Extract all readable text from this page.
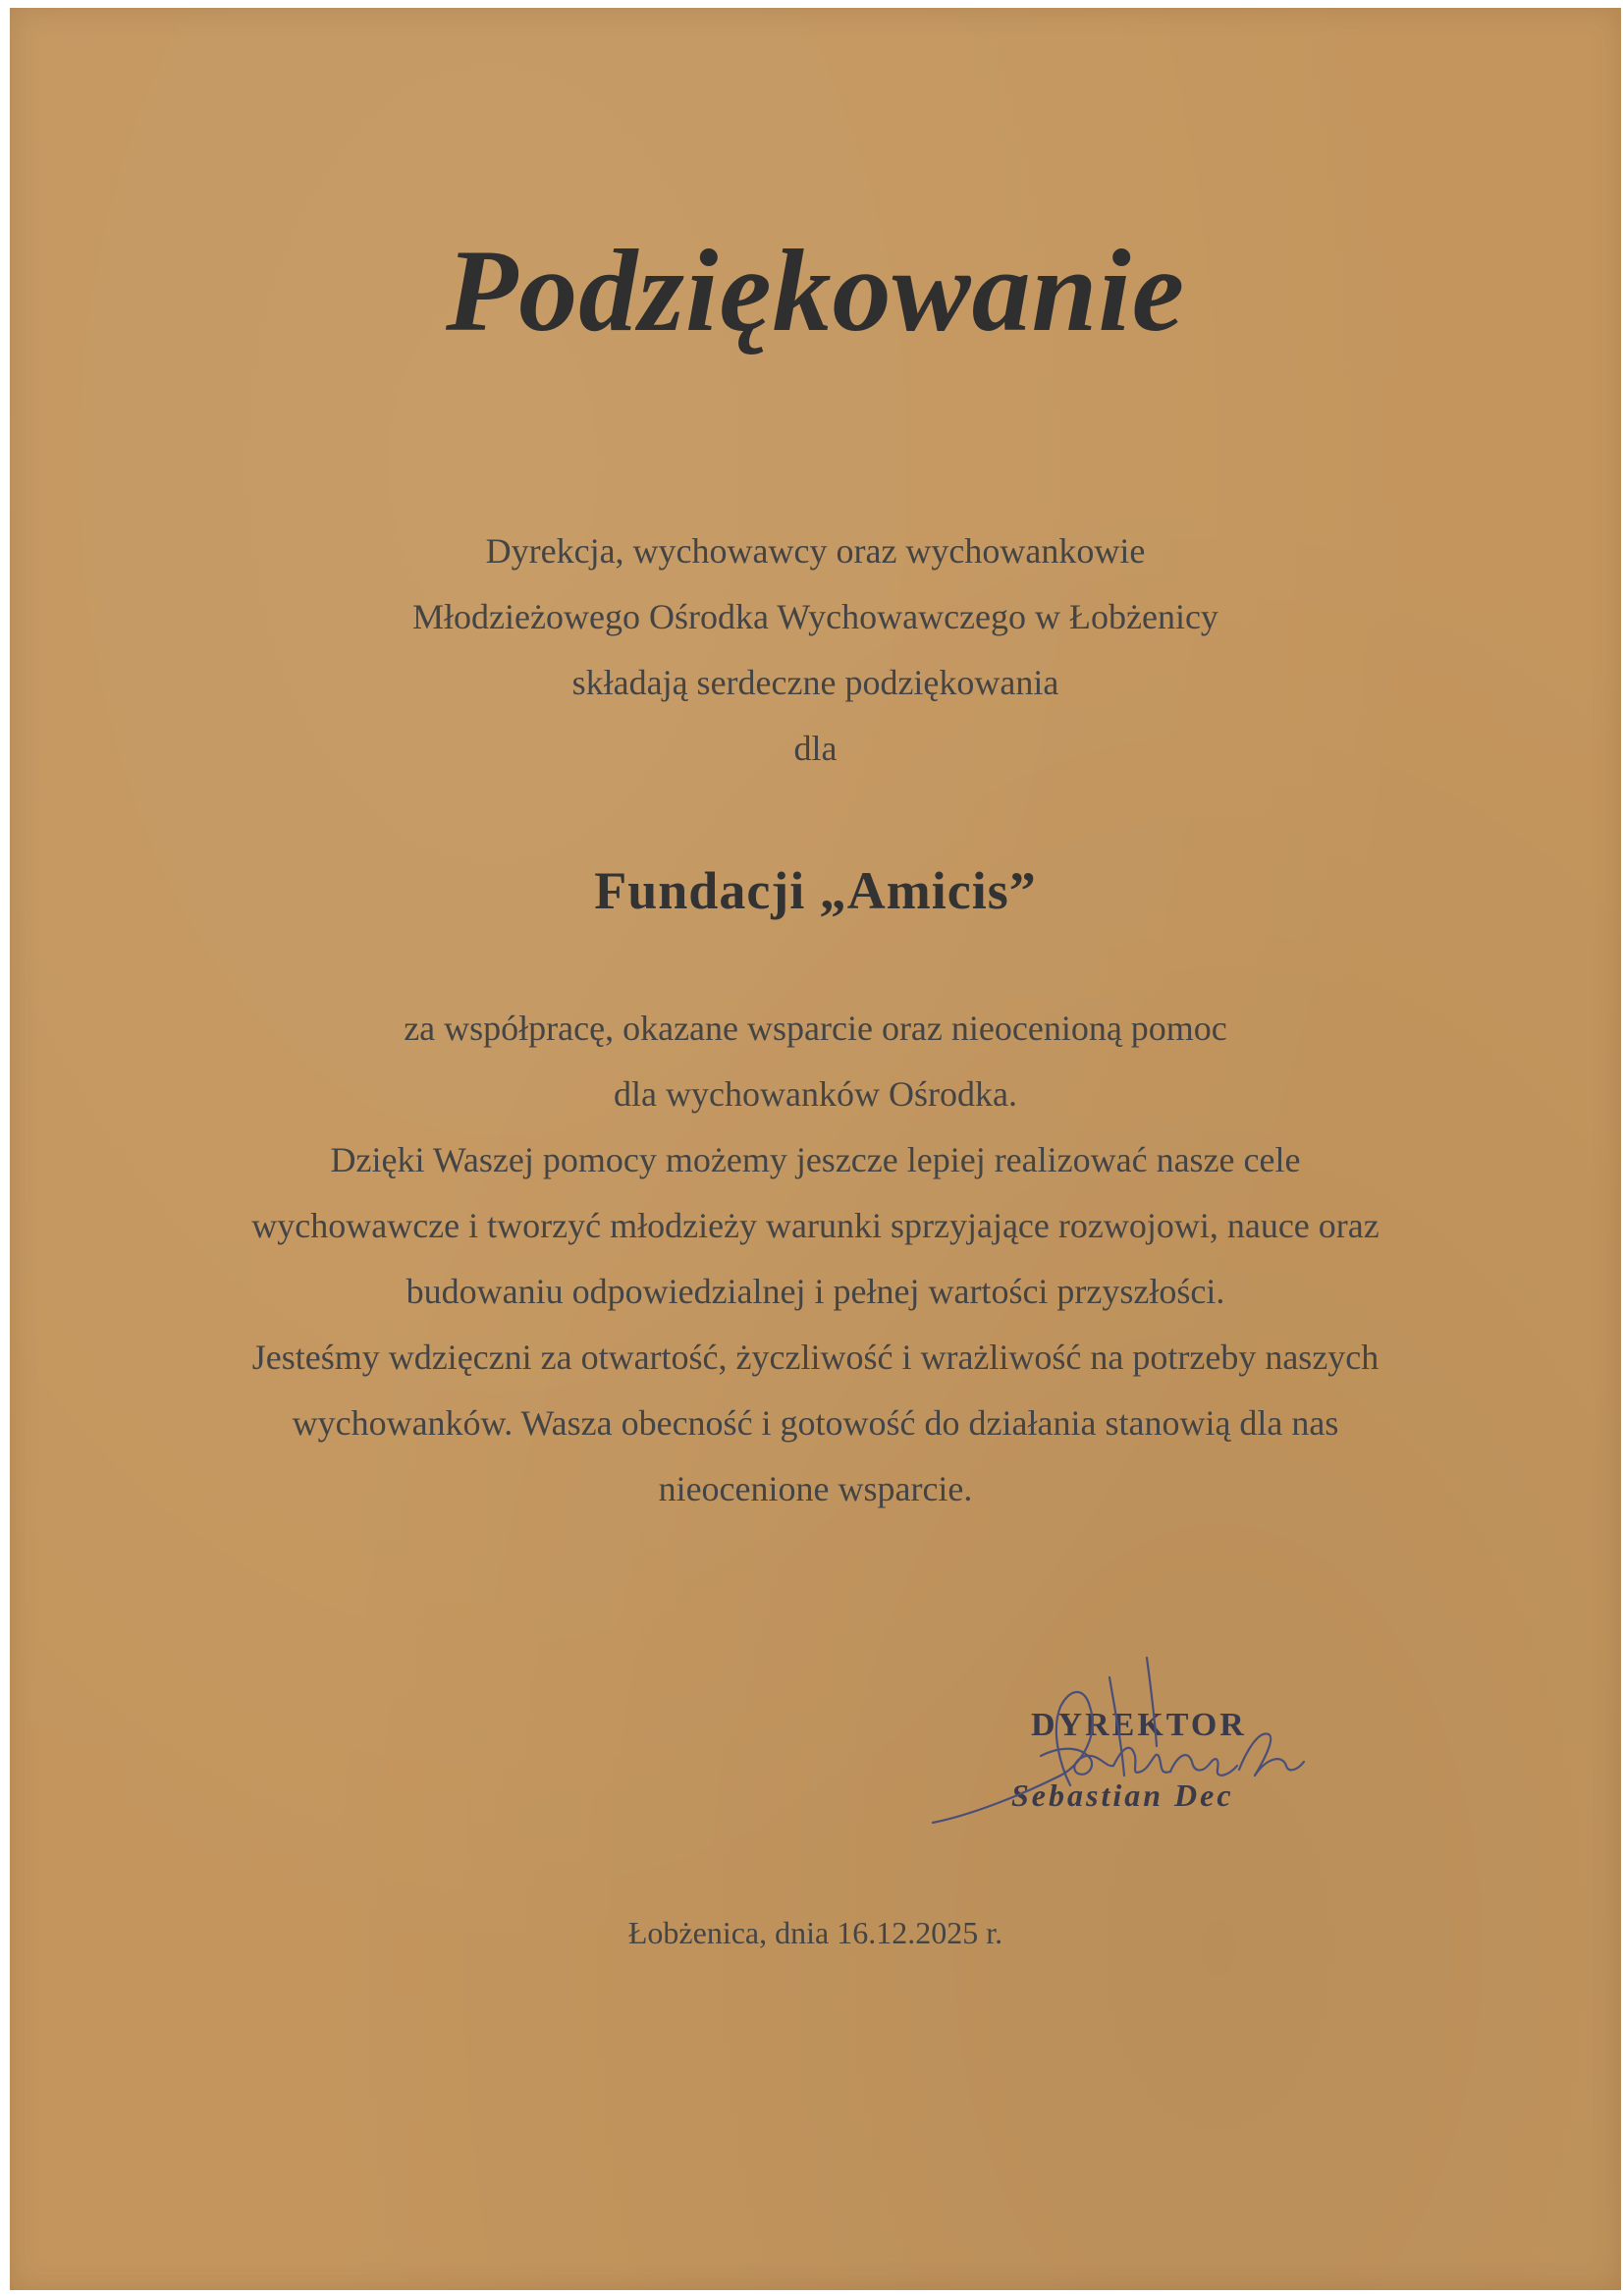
Podziękowanie
Dyrekcja, wychowawcy oraz wychowankowie
Młodzieżowego Ośrodka Wychowawczego w Łobżenicy
składają serdeczne podziękowania
dla
Fundacji „Amicis”
za współpracę, okazane wsparcie oraz nieocenioną pomoc
dla wychowanków Ośrodka.
Dzięki Waszej pomocy możemy jeszcze lepiej realizować nasze cele
wychowawcze i tworzyć młodzieży warunki sprzyjające rozwojowi, nauce oraz
budowaniu odpowiedzialnej i pełnej wartości przyszłości.
Jesteśmy wdzięczni za otwartość, życzliwość i wrażliwość na potrzeby naszych
wychowanków. Wasza obecność i gotowość do działania stanowią dla nas
nieocenione wsparcie.
DYREKTOR
Sebastian Dec
Łobżenica, dnia 16.12.2025 r.
